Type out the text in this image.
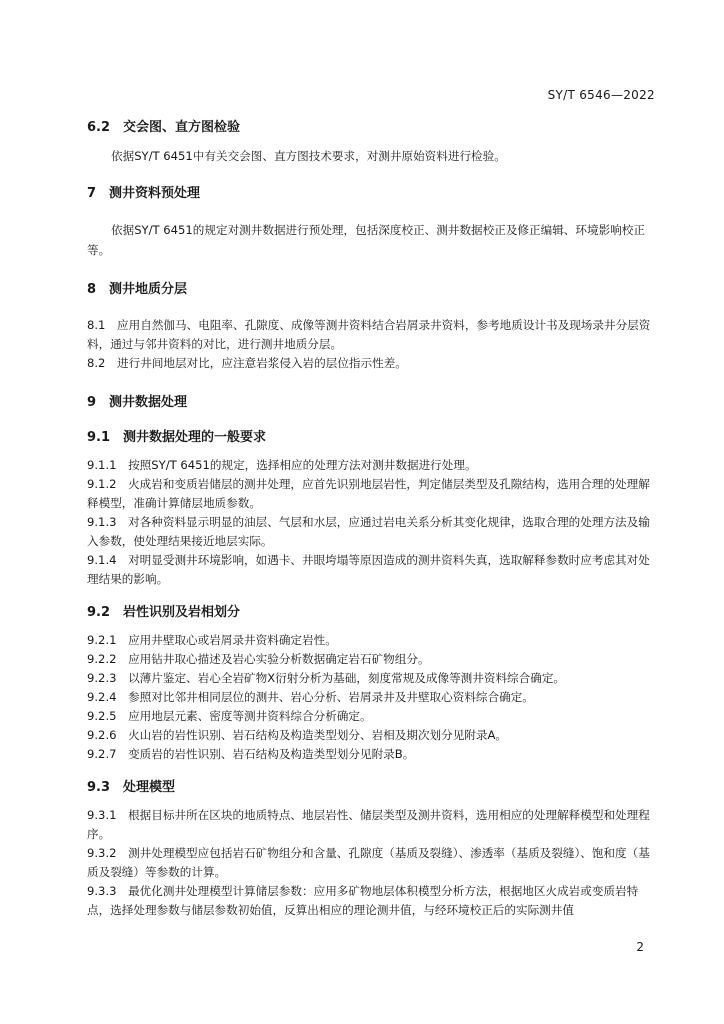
SY/T 6546—2022

6.2　交会图、直方图检验

依据SY/T 6451中有关交会图、直方图技术要求，对测井原始资料进行检验。

7　测井资料预处理

依据SY/T 6451的规定对测井数据进行预处理，包括深度校正、测井数据校正及修正编辑、环境影响校正等。

8　测井地质分层

8.1　应用自然伽马、电阻率、孔隙度、成像等测井资料结合岩屑录井资料，参考地质设计书及现场录井分层资料，通过与邻井资料的对比，进行测井地质分层。

8.2　进行井间地层对比，应注意岩浆侵入岩的层位指示性差。

9　测井数据处理

9.1　测井数据处理的一般要求

9.1.1　按照SY/T 6451的规定，选择相应的处理方法对测井数据进行处理。

9.1.2　火成岩和变质岩储层的测井处理，应首先识别地层岩性，判定储层类型及孔隙结构，选用合理的处理解释模型，准确计算储层地质参数。

9.1.3　对各种资料显示明显的油层、气层和水层，应通过岩电关系分析其变化规律，选取合理的处理方法及输入参数，使处理结果接近地层实际。

9.1.4　对明显受测井环境影响，如遇卡、井眼垮塌等原因造成的测井资料失真，选取解释参数时应考虑其对处理结果的影响。

9.2　岩性识别及岩相划分

9.2.1　应用井壁取心或岩屑录井资料确定岩性。

9.2.2　应用钻井取心描述及岩心实验分析数据确定岩石矿物组分。

9.2.3　以薄片鉴定、岩心全岩矿物X衍射分析为基础，刻度常规及成像等测井资料综合确定。

9.2.4　参照对比邻井相同层位的测井、岩心分析、岩屑录井及井壁取心资料综合确定。

9.2.5　应用地层元素、密度等测井资料综合分析确定。

9.2.6　火山岩的岩性识别、岩石结构及构造类型划分、岩相及期次划分见附录A。

9.2.7　变质岩的岩性识别、岩石结构及构造类型划分见附录B。

9.3　处理模型

9.3.1　根据目标井所在区块的地质特点、地层岩性、储层类型及测井资料，选用相应的处理解释模型和处理程序。

9.3.2　测井处理模型应包括岩石矿物组分和含量、孔隙度（基质及裂缝）、渗透率（基质及裂缝）、饱和度（基质及裂缝）等参数的计算。

9.3.3　最优化测井处理模型计算储层参数：应用多矿物地层体积模型分析方法，根据地区火成岩或变质岩特点，选择处理参数与储层参数初始值，反算出相应的理论测井值，与经环境校正后的实际测井值

2
